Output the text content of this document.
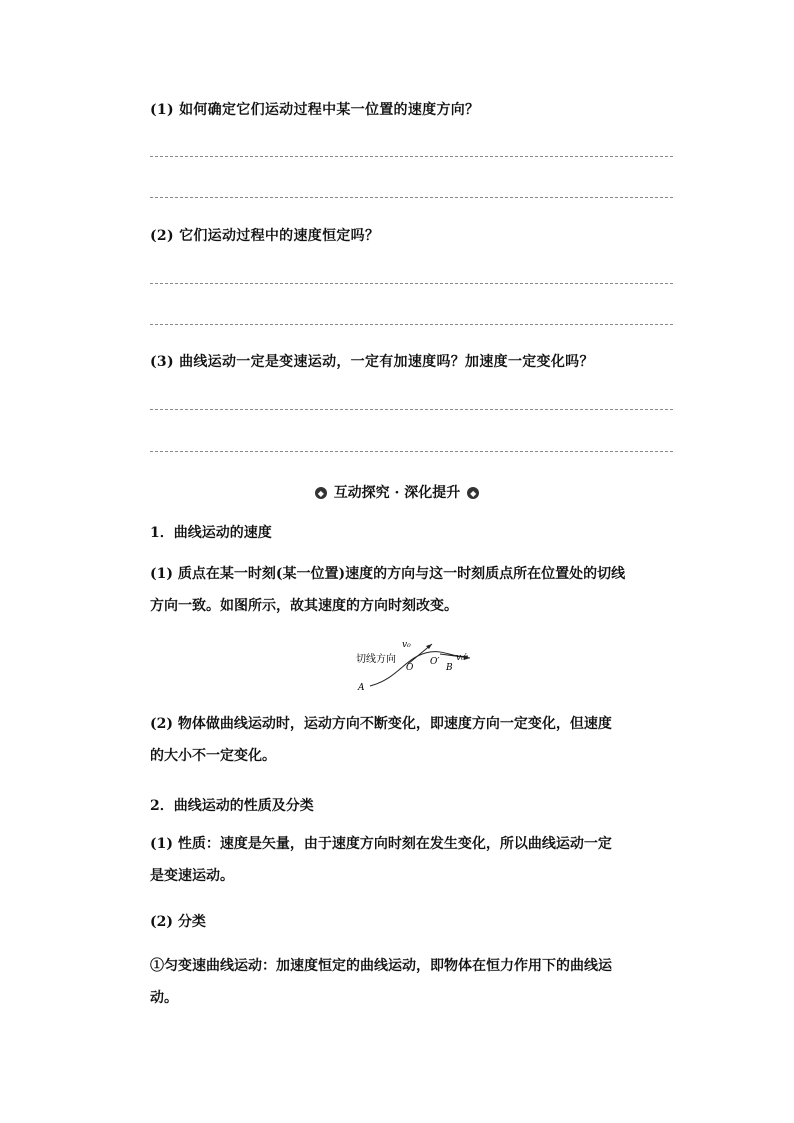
(1) 如何确定它们运动过程中某一位置的速度方向？
(2) 它们运动过程中的速度恒定吗？
(3) 曲线运动一定是变速运动，一定有加速度吗？加速度一定变化吗？
◆ 互动探究 · 深化提升 ◆
1．曲线运动的速度
(1) 质点在某一时刻(某一位置)速度的方向与这一时刻质点所在位置处的切线
方向一致。如图所示，故其速度的方向时刻改变。
切线方向
v₀
v₀′
O
O′
B
A
(2) 物体做曲线运动时，运动方向不断变化，即速度方向一定变化，但速度
的大小不一定变化。
2．曲线运动的性质及分类
(1) 性质：速度是矢量，由于速度方向时刻在发生变化，所以曲线运动一定
是变速运动。
(2) 分类
①匀变速曲线运动：加速度恒定的曲线运动，即物体在恒力作用下的曲线运
动。
